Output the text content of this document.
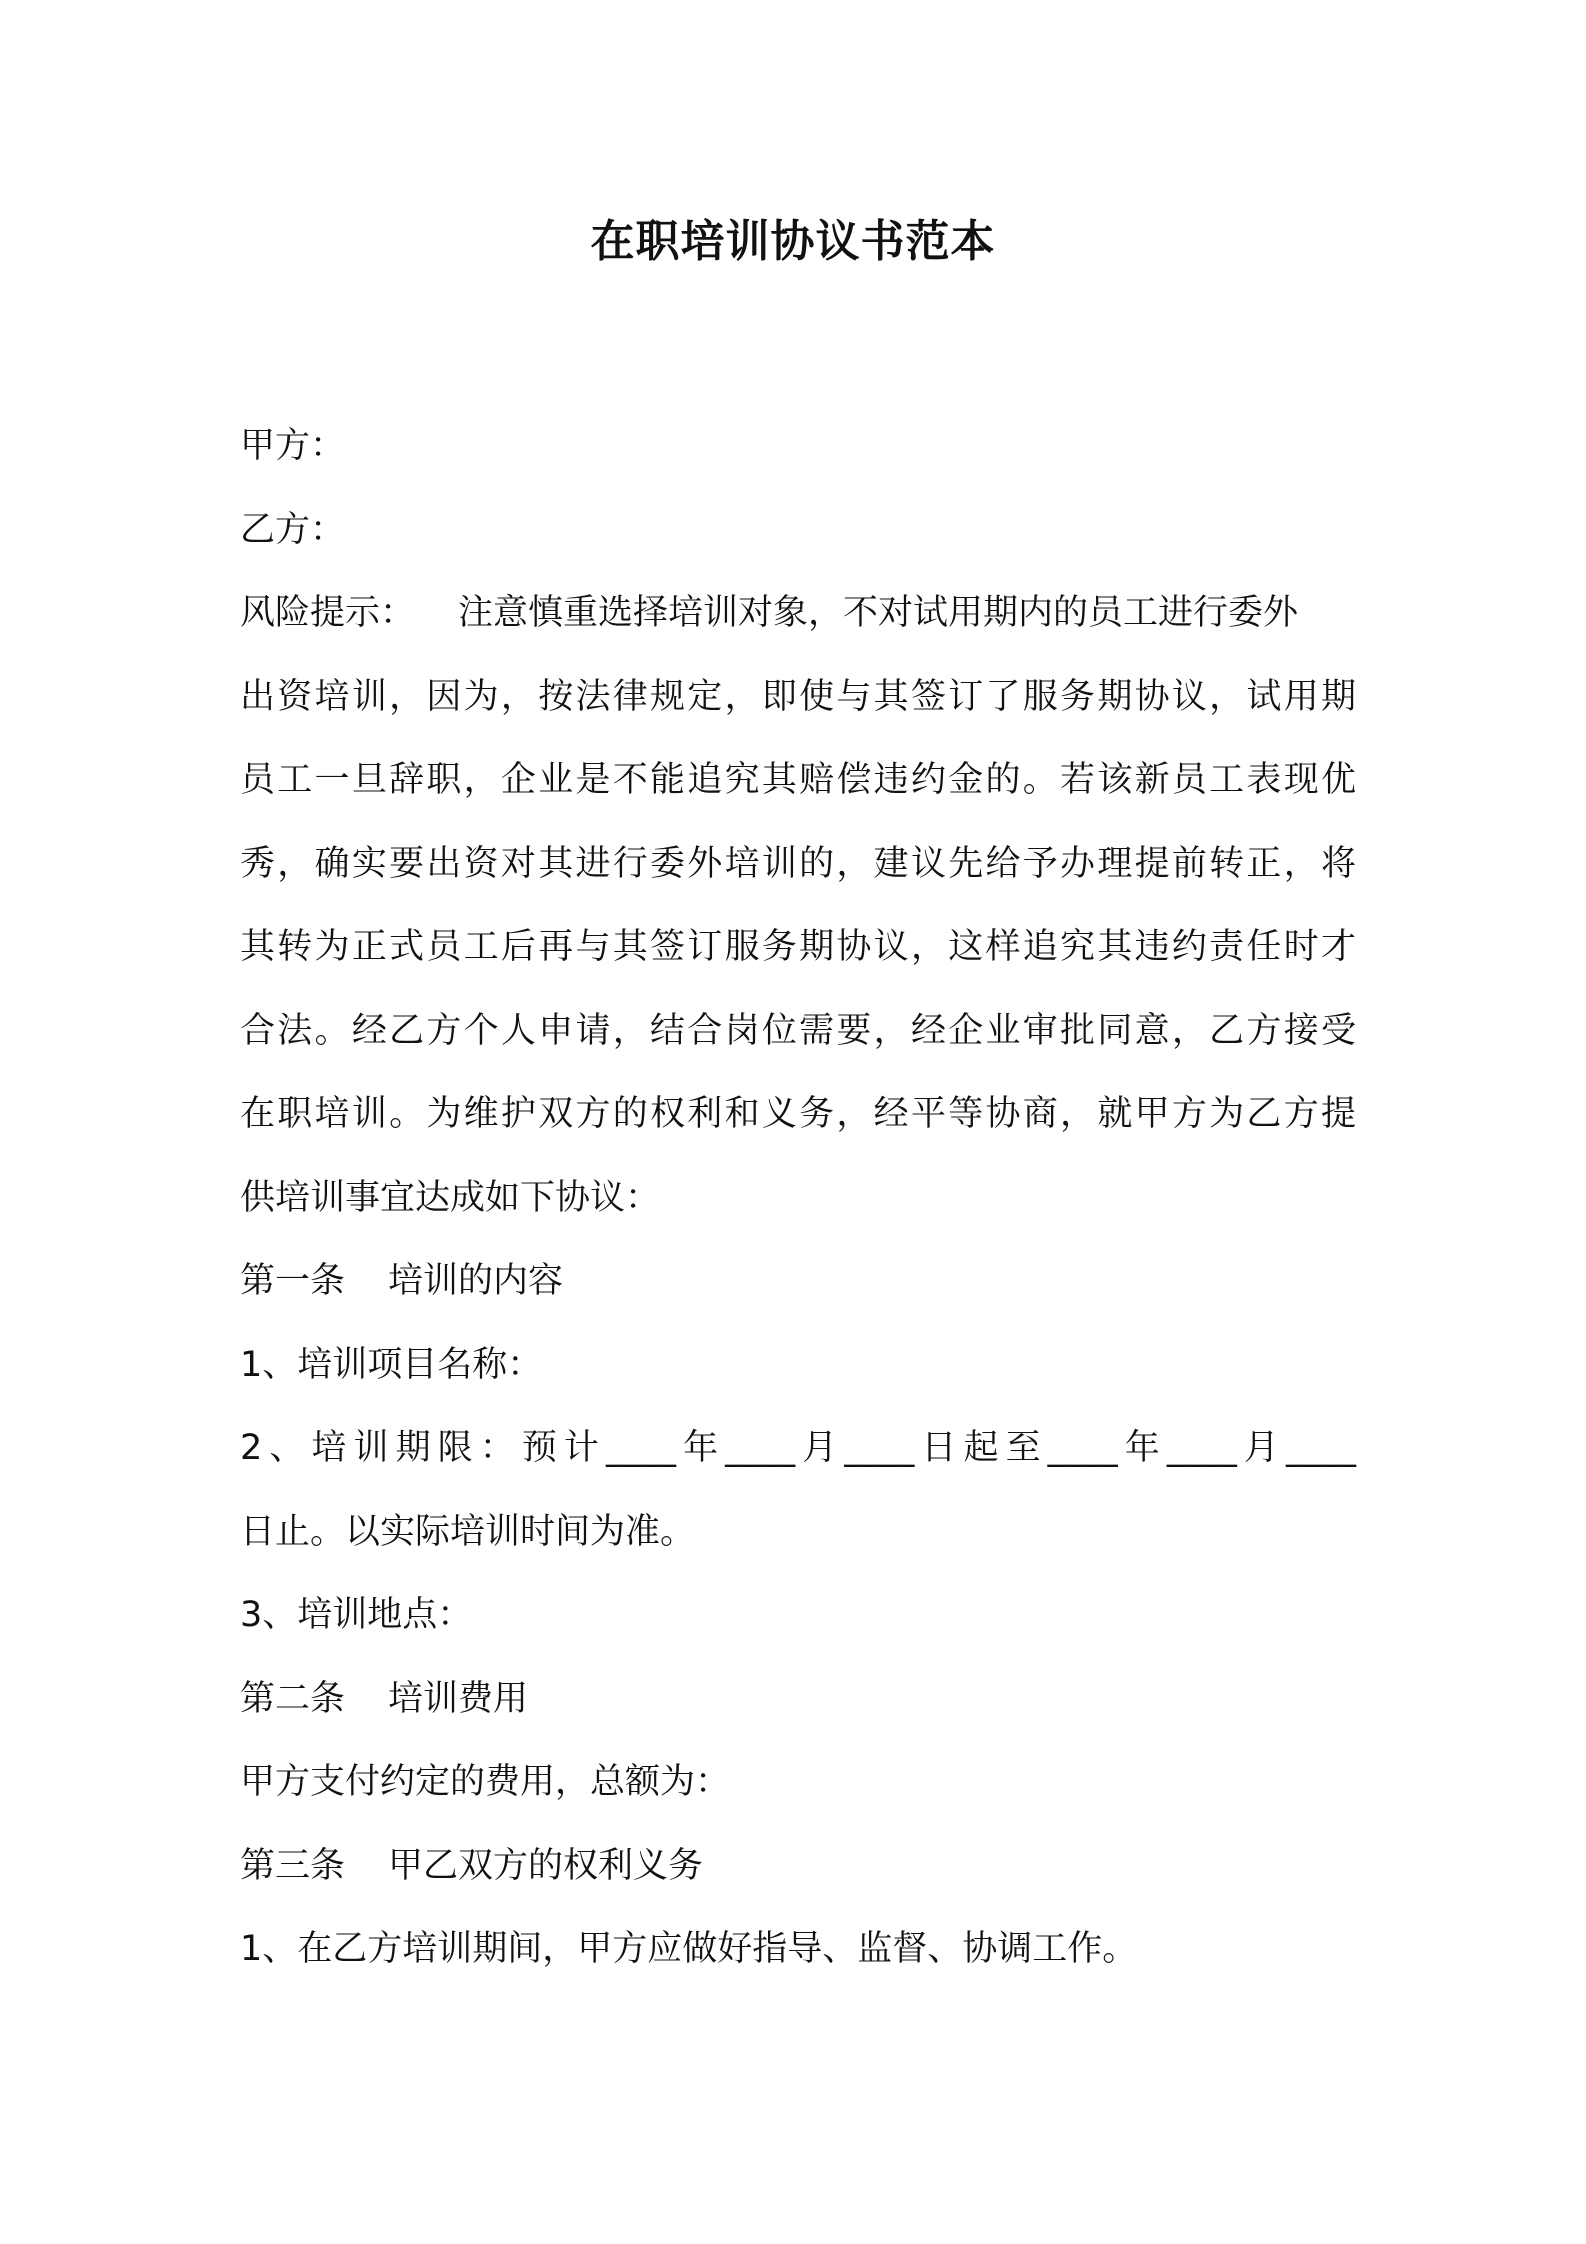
在职培训协议书范本

甲方：

乙方：

风险提示： 注意慎重选择培训对象，不对试用期内的员工进行委外

出资培训，因为，按法律规定，即使与其签订了服务期协议，试用期

员工一旦辞职，企业是不能追究其赔偿违约金的。若该新员工表现优

秀，确实要出资对其进行委外培训的，建议先给予办理提前转正，将

其转为正式员工后再与其签订服务期协议，这样追究其违约责任时才

合法。经乙方个人申请，结合岗位需要，经企业审批同意，乙方接受

在职培训。为维护双方的权利和义务，经平等协商，就甲方为乙方提

供培训事宜达成如下协议：

第一条 培训的内容

1、培训项目名称：

2、培训期限：预计____年____月____日起至____年____月____

日止。以实际培训时间为准。

3、培训地点：

第二条 培训费用

甲方支付约定的费用，总额为：

第三条 甲乙双方的权利义务

1、在乙方培训期间，甲方应做好指导、监督、协调工作。
